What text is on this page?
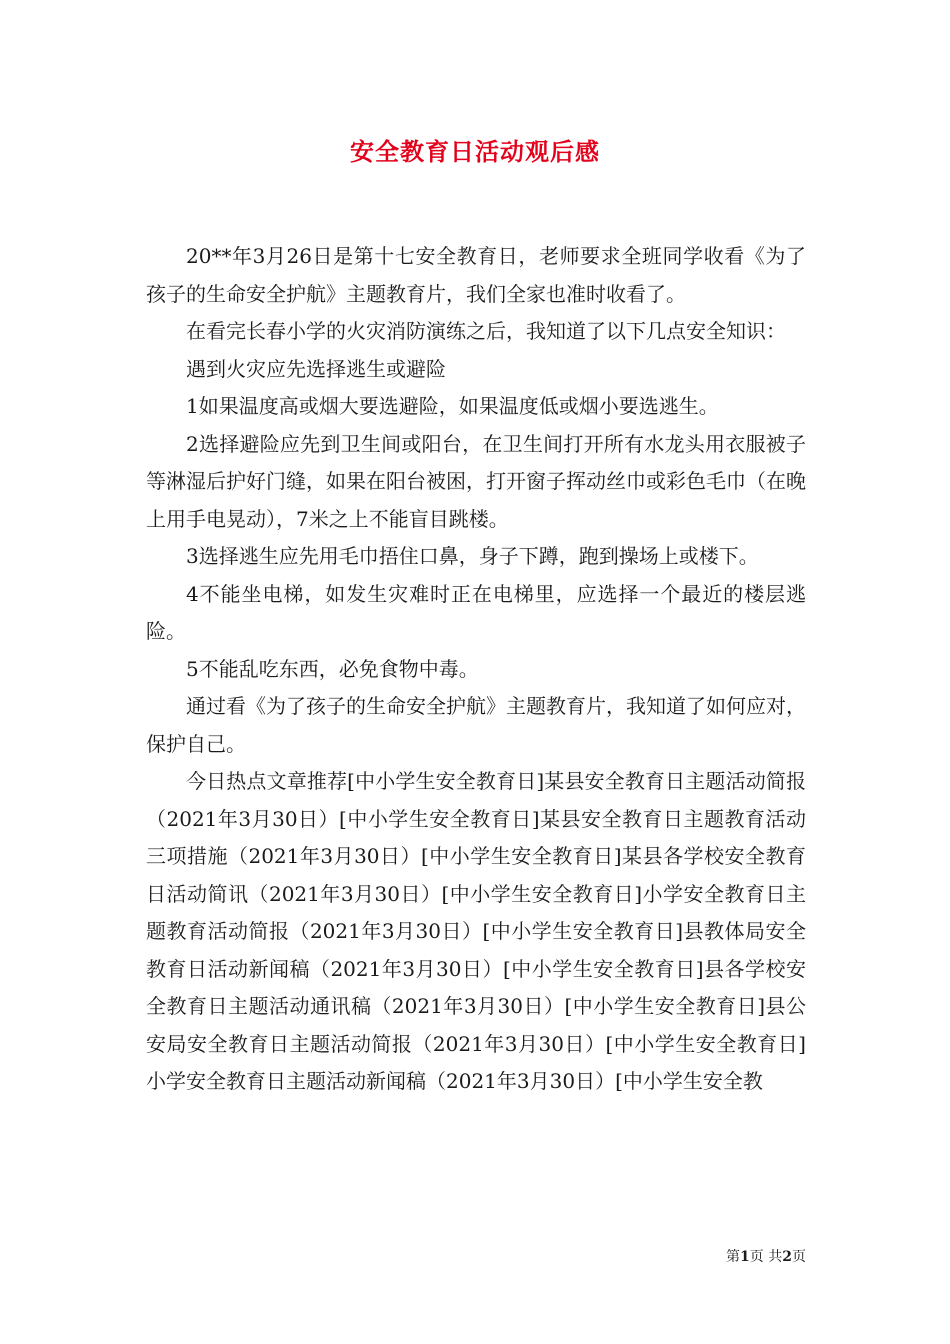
安全教育日活动观后感

20**年3月26日是第十七安全教育日，老师要求全班同学收看《为了孩子的生命安全护航》主题教育片，我们全家也准时收看了。

在看完长春小学的火灾消防演练之后，我知道了以下几点安全知识：

遇到火灾应先选择逃生或避险

1如果温度高或烟大要选避险，如果温度低或烟小要选逃生。

2选择避险应先到卫生间或阳台，在卫生间打开所有水龙头用衣服被子等淋湿后护好门缝，如果在阳台被困，打开窗子挥动丝巾或彩色毛巾（在晚上用手电晃动），7米之上不能盲目跳楼。

3选择逃生应先用毛巾捂住口鼻，身子下蹲，跑到操场上或楼下。

4不能坐电梯，如发生灾难时正在电梯里，应选择一个最近的楼层逃险。

5不能乱吃东西，必免食物中毒。

通过看《为了孩子的生命安全护航》主题教育片，我知道了如何应对，保护自己。

今日热点文章推荐[中小学生安全教育日]某县安全教育日主题活动简报（2021年3月30日）[中小学生安全教育日]某县安全教育日主题教育活动三项措施（2021年3月30日）[中小学生安全教育日]某县各学校安全教育日活动简讯（2021年3月30日）[中小学生安全教育日]小学安全教育日主题教育活动简报（2021年3月30日）[中小学生安全教育日]县教体局安全教育日活动新闻稿（2021年3月30日）[中小学生安全教育日]县各学校安全教育日主题活动通讯稿（2021年3月30日）[中小学生安全教育日]县公安局安全教育日主题活动简报（2021年3月30日）[中小学生安全教育日]小学安全教育日主题活动新闻稿（2021年3月30日）[中小学生安全教

第1页 共2页
